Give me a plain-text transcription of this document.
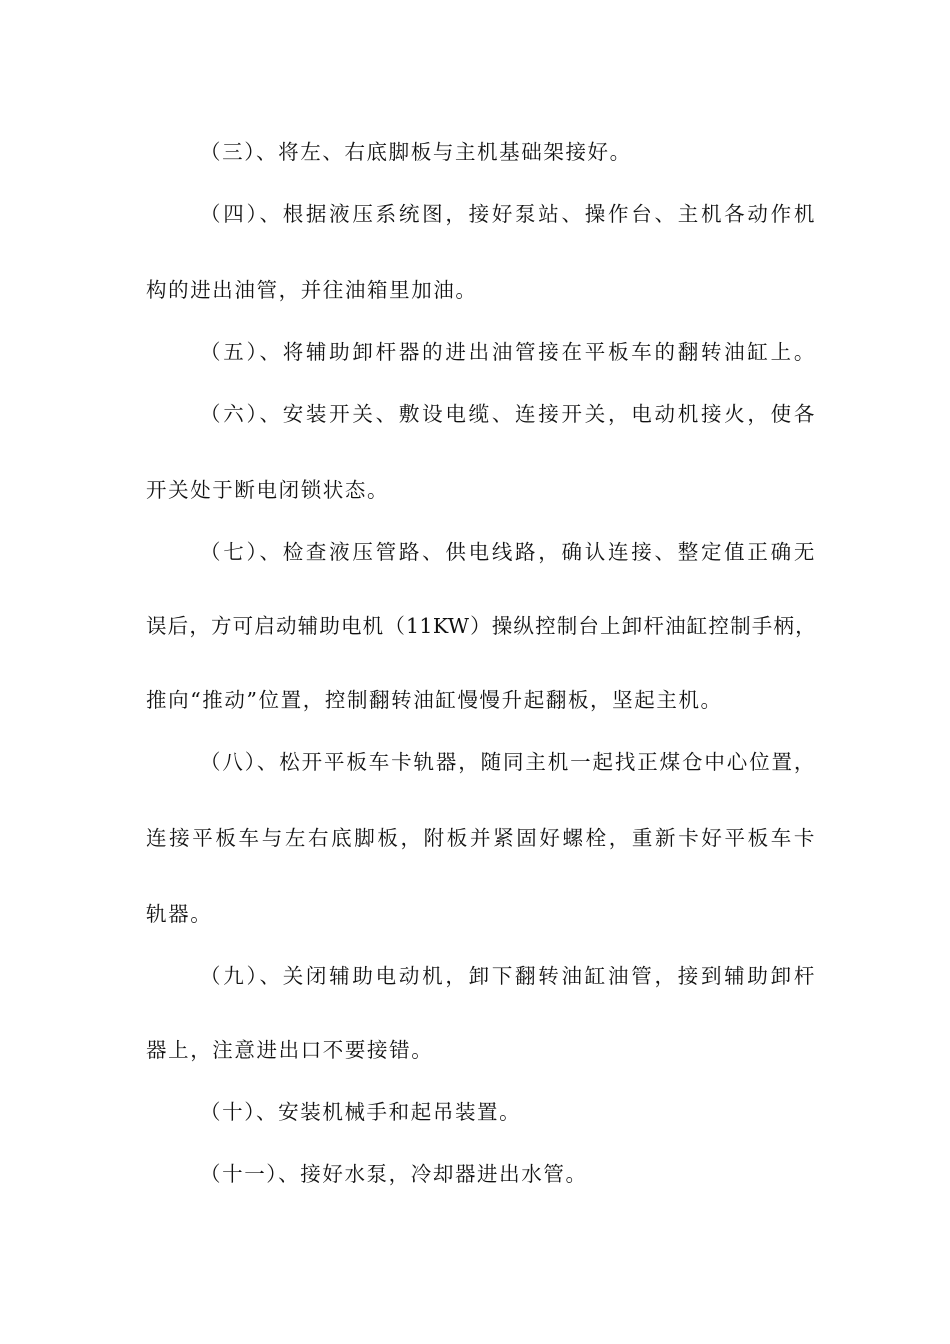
（三）、将左、右底脚板与主机基础架接好。
（四）、根据液压系统图，接好泵站、操作台、主机各动作机
构的进出油管，并往油箱里加油。
（五）、将辅助卸杆器的进出油管接在平板车的翻转油缸上。
（六）、安装开关、敷设电缆、连接开关，电动机接火，使各
开关处于断电闭锁状态。
（七）、检查液压管路、供电线路，确认连接、整定值正确无
误后，方可启动辅助电机（11KW）操纵控制台上卸杆油缸控制手柄，
推向“推动”位置，控制翻转油缸慢慢升起翻板，坚起主机。
（八）、松开平板车卡轨器，随同主机一起找正煤仓中心位置，
连接平板车与左右底脚板，附板并紧固好螺栓，重新卡好平板车卡
轨器。
（九）、关闭辅助电动机，卸下翻转油缸油管，接到辅助卸杆
器上，注意进出口不要接错。
（十）、安装机械手和起吊装置。
（十一）、接好水泵，冷却器进出水管。
